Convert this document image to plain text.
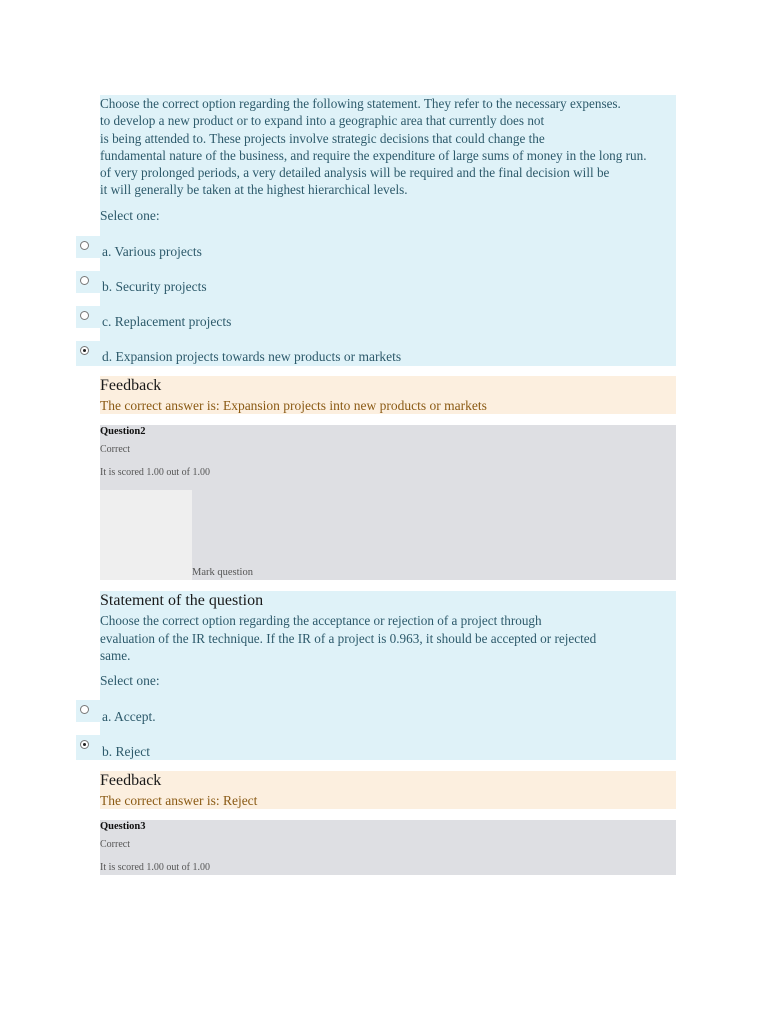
Choose the correct option regarding the following statement. They refer to the necessary expenses.
to develop a new product or to expand into a geographic area that currently does not
is being attended to. These projects involve strategic decisions that could change the
fundamental nature of the business, and require the expenditure of large sums of money in the long run.
of very prolonged periods, a very detailed analysis will be required and the final decision will be
it will generally be taken at the highest hierarchical levels.
Select one:
a. Various projects
b. Security projects
c. Replacement projects
d. Expansion projects towards new products or markets
Feedback
The correct answer is: Expansion projects into new products or markets
Question2
Correct
It is scored 1.00 out of 1.00
Mark question
Statement of the question
Choose the correct option regarding the acceptance or rejection of a project through
evaluation of the IR technique. If the IR of a project is 0.963, it should be accepted or rejected
same.
Select one:
a. Accept.
b. Reject
Feedback
The correct answer is: Reject
Question3
Correct
It is scored 1.00 out of 1.00
